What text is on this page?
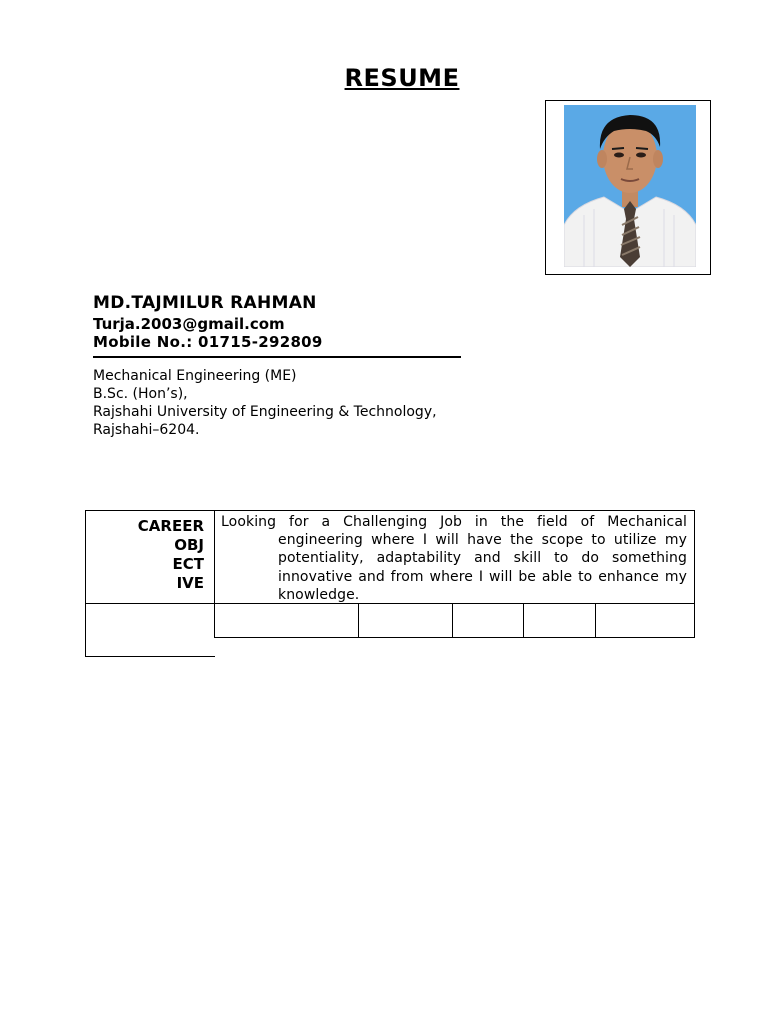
RESUME
MD.TAJMILUR RAHMAN
Turja.2003@gmail.com
Mobile No.: 01715-292809
Mechanical Engineering (ME)
B.Sc. (Hon’s),
Rajshahi University of Engineering & Technology,
Rajshahi–6204.
CAREER
OBJ
ECT
IVE
Looking for a Challenging Job in the field of Mechanical
engineering where I will have the scope to utilize my potentiality, adaptability and skill to do something innovative and from where I will be able to enhance my knowledge.
